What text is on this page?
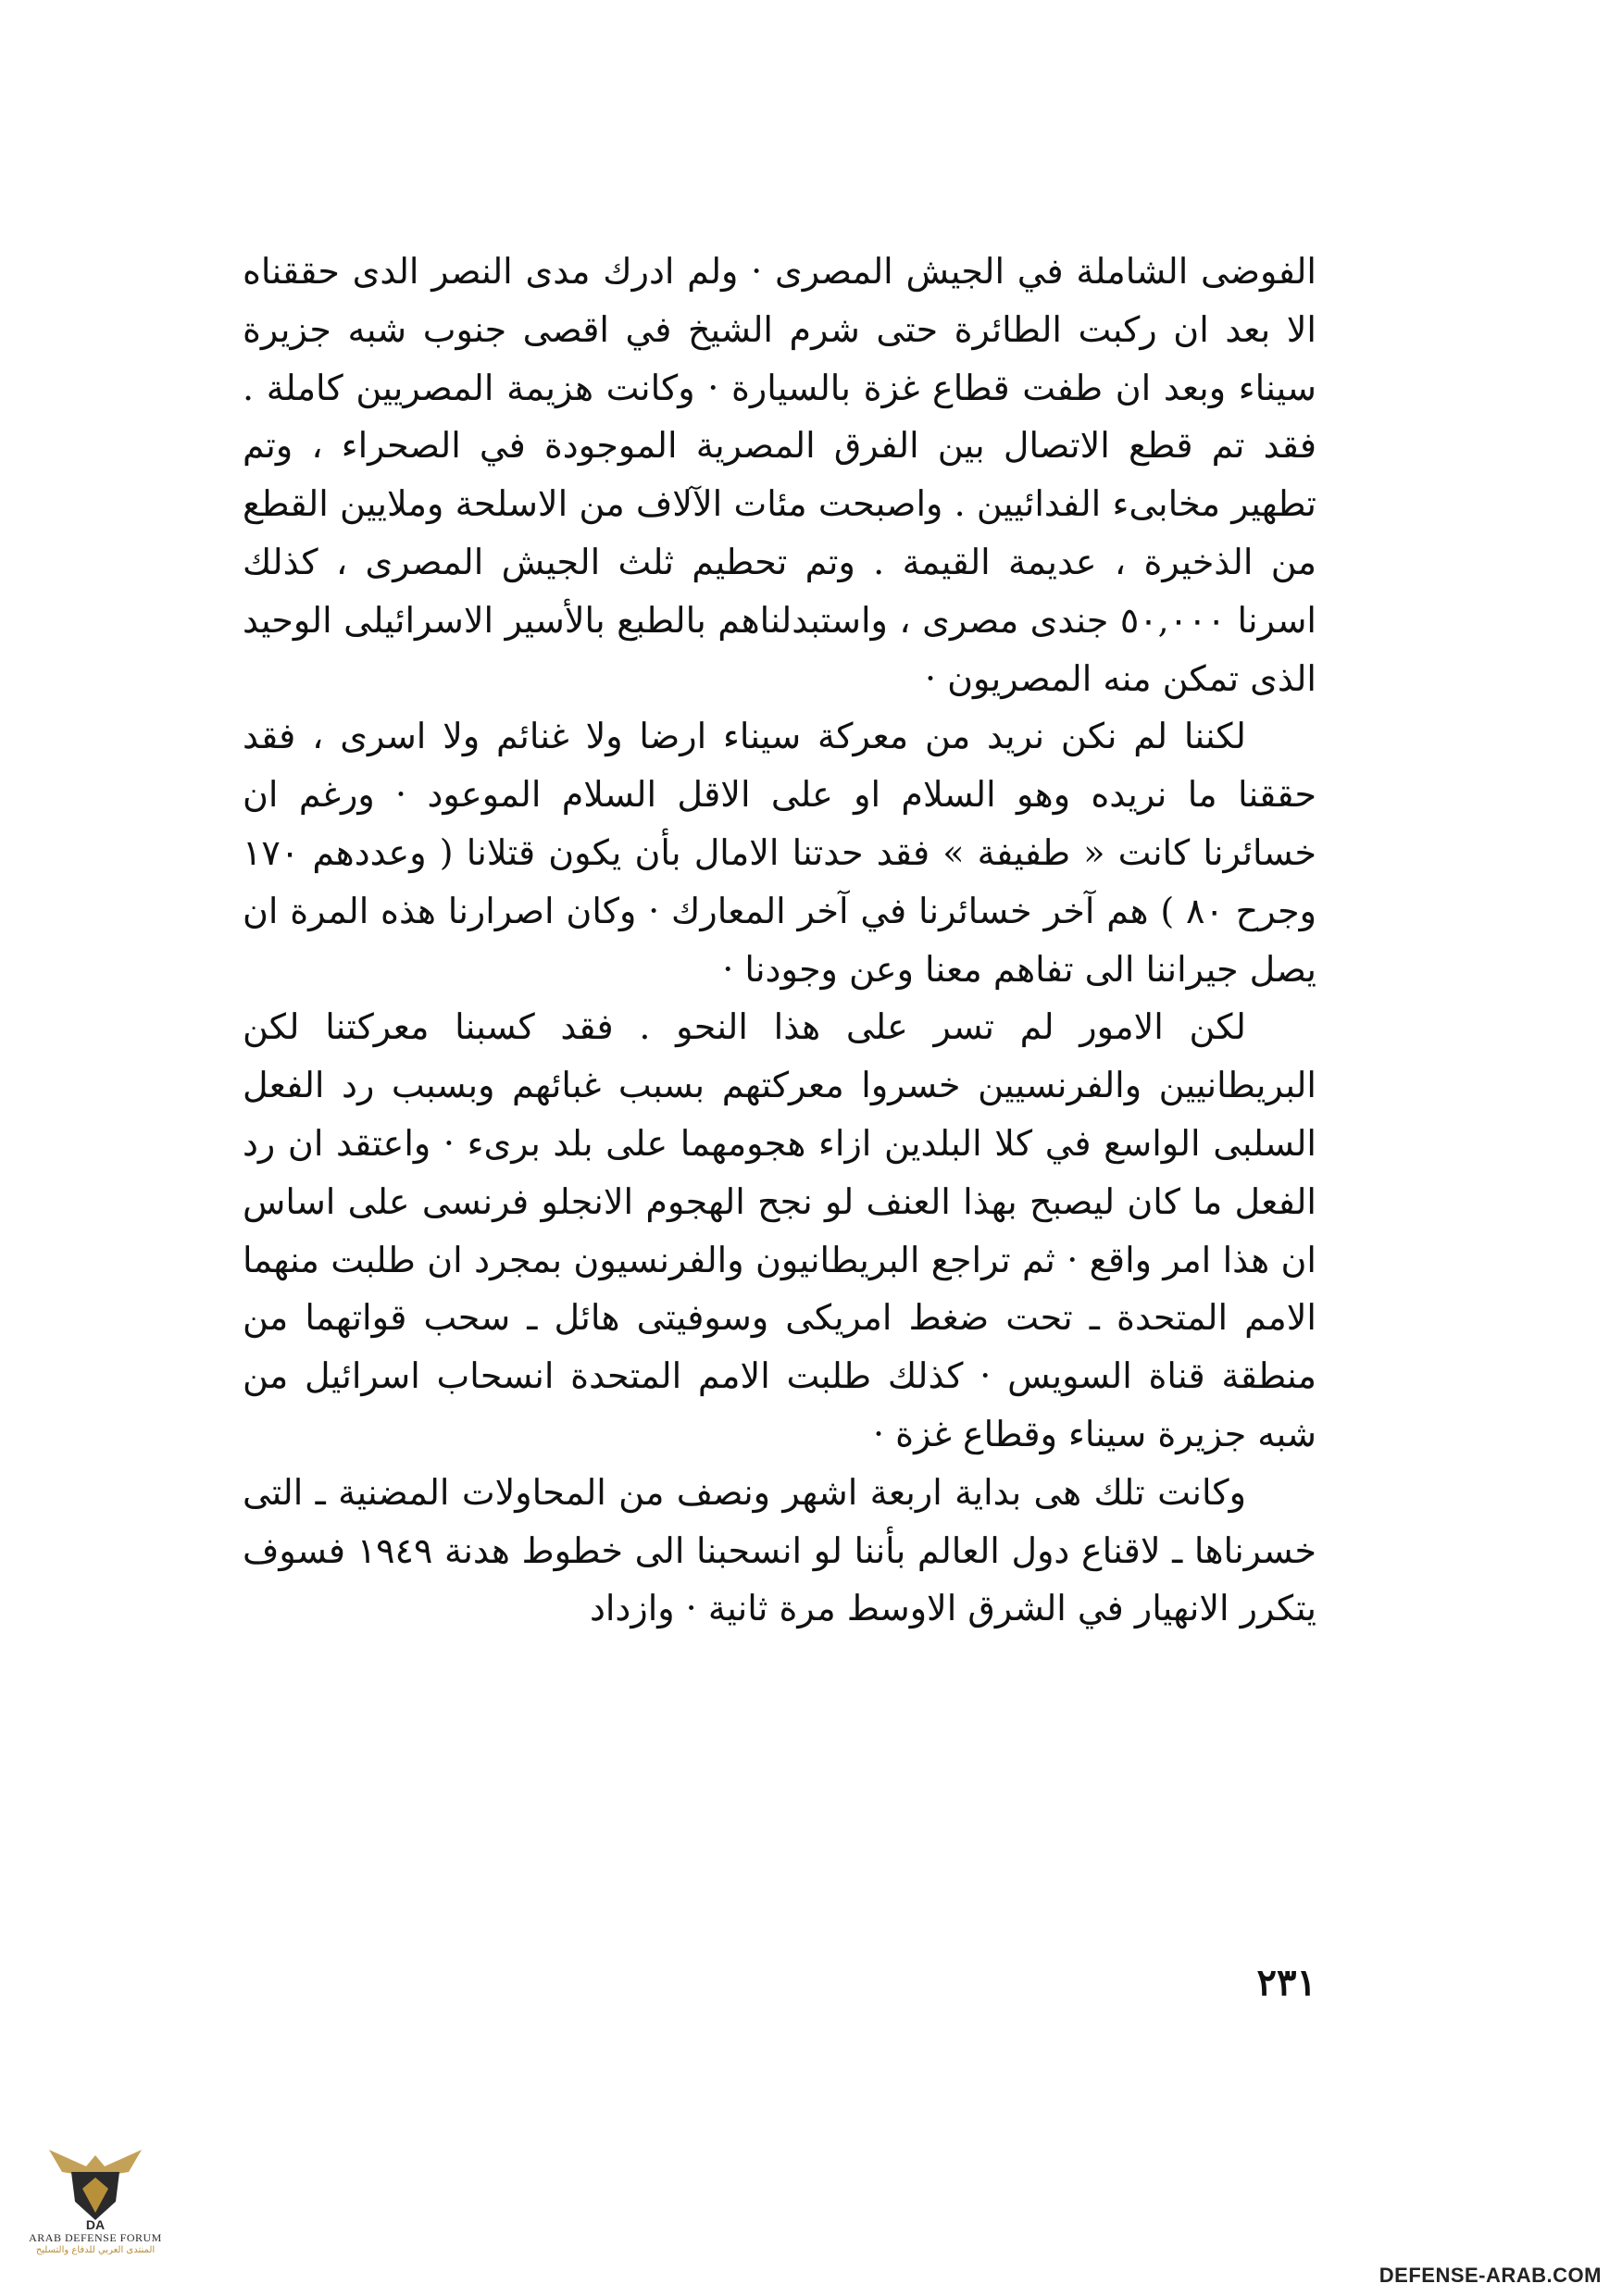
الفوضى الشاملة في الجيش المصرى · ولم ادرك مدى النصر الدى حققناه الا بعد ان ركبت الطائرة حتى شرم الشيخ في اقصى جنوب شبه جزيرة سيناء وبعد ان طفت قطاع غزة بالسيارة · وكانت هزيمة المصريين كاملة . فقد تم قطع الاتصال بين الفرق المصرية الموجودة في الصحراء ، وتم تطهير مخابىء الفدائيين . واصبحت مئات الآلاف من الاسلحة وملايين القطع من الذخيرة ، عديمة القيمة . وتم تحطيم ثلث الجيش المصرى ، كذلك اسرنا ٥٠,٠٠٠ جندى مصرى ، واستبدلناهم بالطبع بالأسير الاسرائيلى الوحيد الذى تمكن منه المصريون ·

لكننا لم نكن نريد من معركة سيناء ارضا ولا غنائم ولا اسرى ، فقد حققنا ما نريده وهو السلام او على الاقل السلام الموعود · ورغم ان خسائرنا كانت « طفيفة » فقد حدتنا الامال بأن يكون قتلانا ( وعددهم ١٧٠ وجرح ٨٠ ) هم آخر خسائرنا في آخر المعارك · وكان اصرارنا هذه المرة ان يصل جيراننا الى تفاهم معنا وعن وجودنا ·

لكن الامور لم تسر على هذا النحو . فقد كسبنا معركتنا لكن البريطانيين والفرنسيين خسروا معركتهم بسبب غبائهم وبسبب رد الفعل السلبى الواسع في كلا البلدين ازاء هجومهما على بلد برىء · واعتقد ان رد الفعل ما كان ليصبح بهذا العنف لو نجح الهجوم الانجلو فرنسى على اساس ان هذا امر واقع · ثم تراجع البريطانيون والفرنسيون بمجرد ان طلبت منهما الامم المتحدة ـ تحت ضغط امريكى وسوفيتى هائل ـ سحب قواتهما من منطقة قناة السويس · كذلك طلبت الامم المتحدة انسحاب اسرائيل من شبه جزيرة سيناء وقطاع غزة ·

وكانت تلك هى بداية اربعة اشهر ونصف من المحاولات المضنية ـ التى خسرناها ـ لاقناع دول العالم بأننا لو انسحبنا الى خطوط هدنة ١٩٤٩ فسوف يتكرر الانهيار في الشرق الاوسط مرة ثانية · وازداد

٢٣١
DA
ARAB DEFENSE FORUM
المنتدى العربي للدفاع والتسليح
DEFENSE-ARAB.COM
